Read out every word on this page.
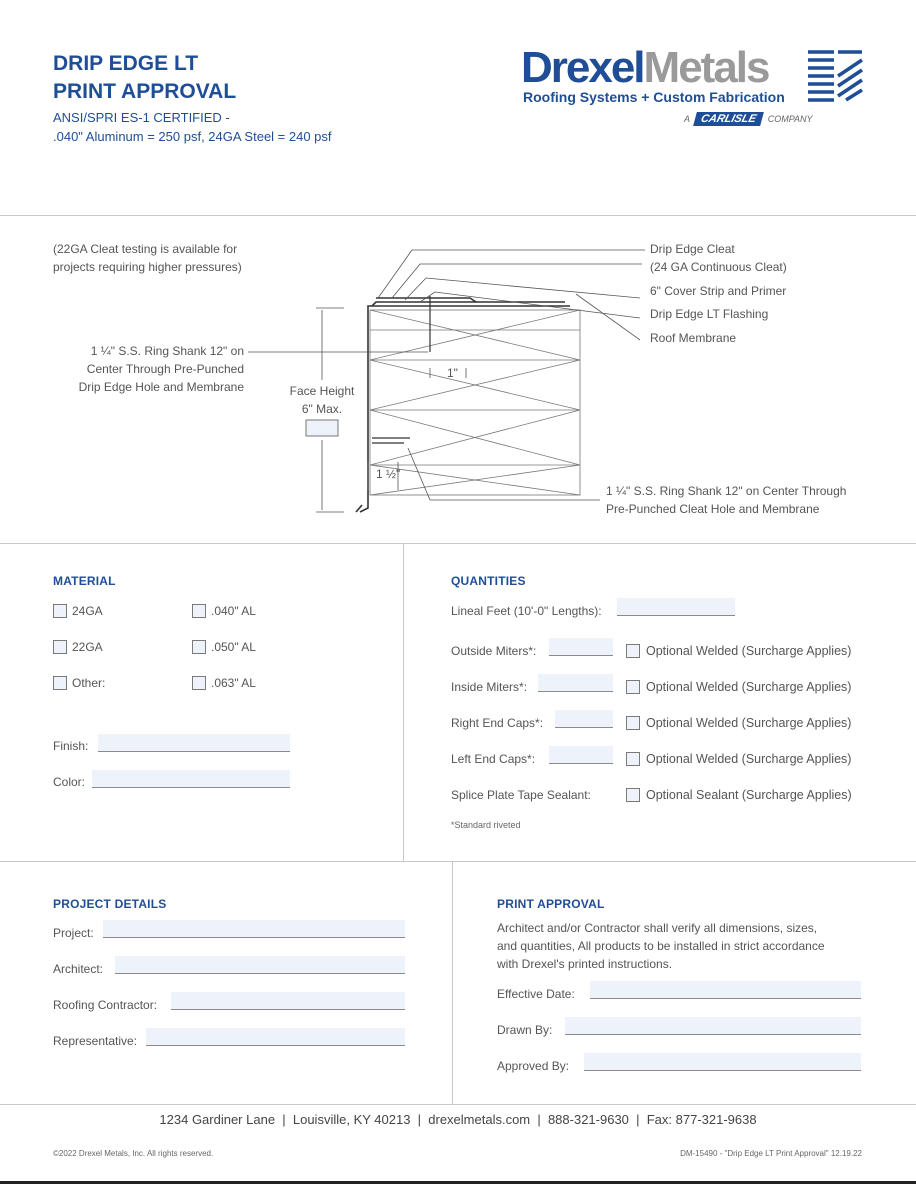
DRIP EDGE LT
PRINT APPROVAL
ANSI/SPRI ES-1 CERTIFIED -
.040" Aluminum = 250 psf, 24GA Steel = 240 psf
DrexelMetals
Roofing Systems + Custom Fabrication
A CARLISLE COMPANY
(22GA Cleat testing is available for
projects requiring higher pressures)
Drip Edge Cleat
(24 GA Continuous Cleat)
6" Cover Strip and Primer
Drip Edge LT Flashing
Roof Membrane
1 ¼" S.S. Ring Shank 12" on
Center Through Pre-Punched
Drip Edge Hole and Membrane	Face Height
6" Max.
1"
1 ½"
1 ¼" S.S. Ring Shank 12" on Center Through
Pre-Punched Cleat Hole and Membrane
MATERIAL
24GA	.040" AL
22GA	.050" AL
Other:	.063" AL
Finish:
Color:
QUANTITIES
Lineal Feet (10'-0" Lengths):
Outside Miters*:	Optional Welded (Surcharge Applies)
Inside Miters*:	Optional Welded (Surcharge Applies)
Right End Caps*:	Optional Welded (Surcharge Applies)
Left End Caps*:	Optional Welded (Surcharge Applies)
Splice Plate Tape Sealant:	Optional Sealant (Surcharge Applies)
*Standard riveted
PROJECT DETAILS
Project:
Architect:
Roofing Contractor:
Representative:
PRINT APPROVAL
Architect and/or Contractor shall verify all dimensions, sizes,
and quantities, All products to be installed in strict accordance
with Drexel's printed instructions.
Effective Date:
Drawn By:
Approved By:
1234 Gardiner Lane  |  Louisville, KY 40213  |  drexelmetals.com  |  888-321-9630  |  Fax: 877-321-9638
©2022 Drexel Metals, Inc. All rights reserved.	DM-15490 - "Drip Edge LT Print Approval" 12.19.22
